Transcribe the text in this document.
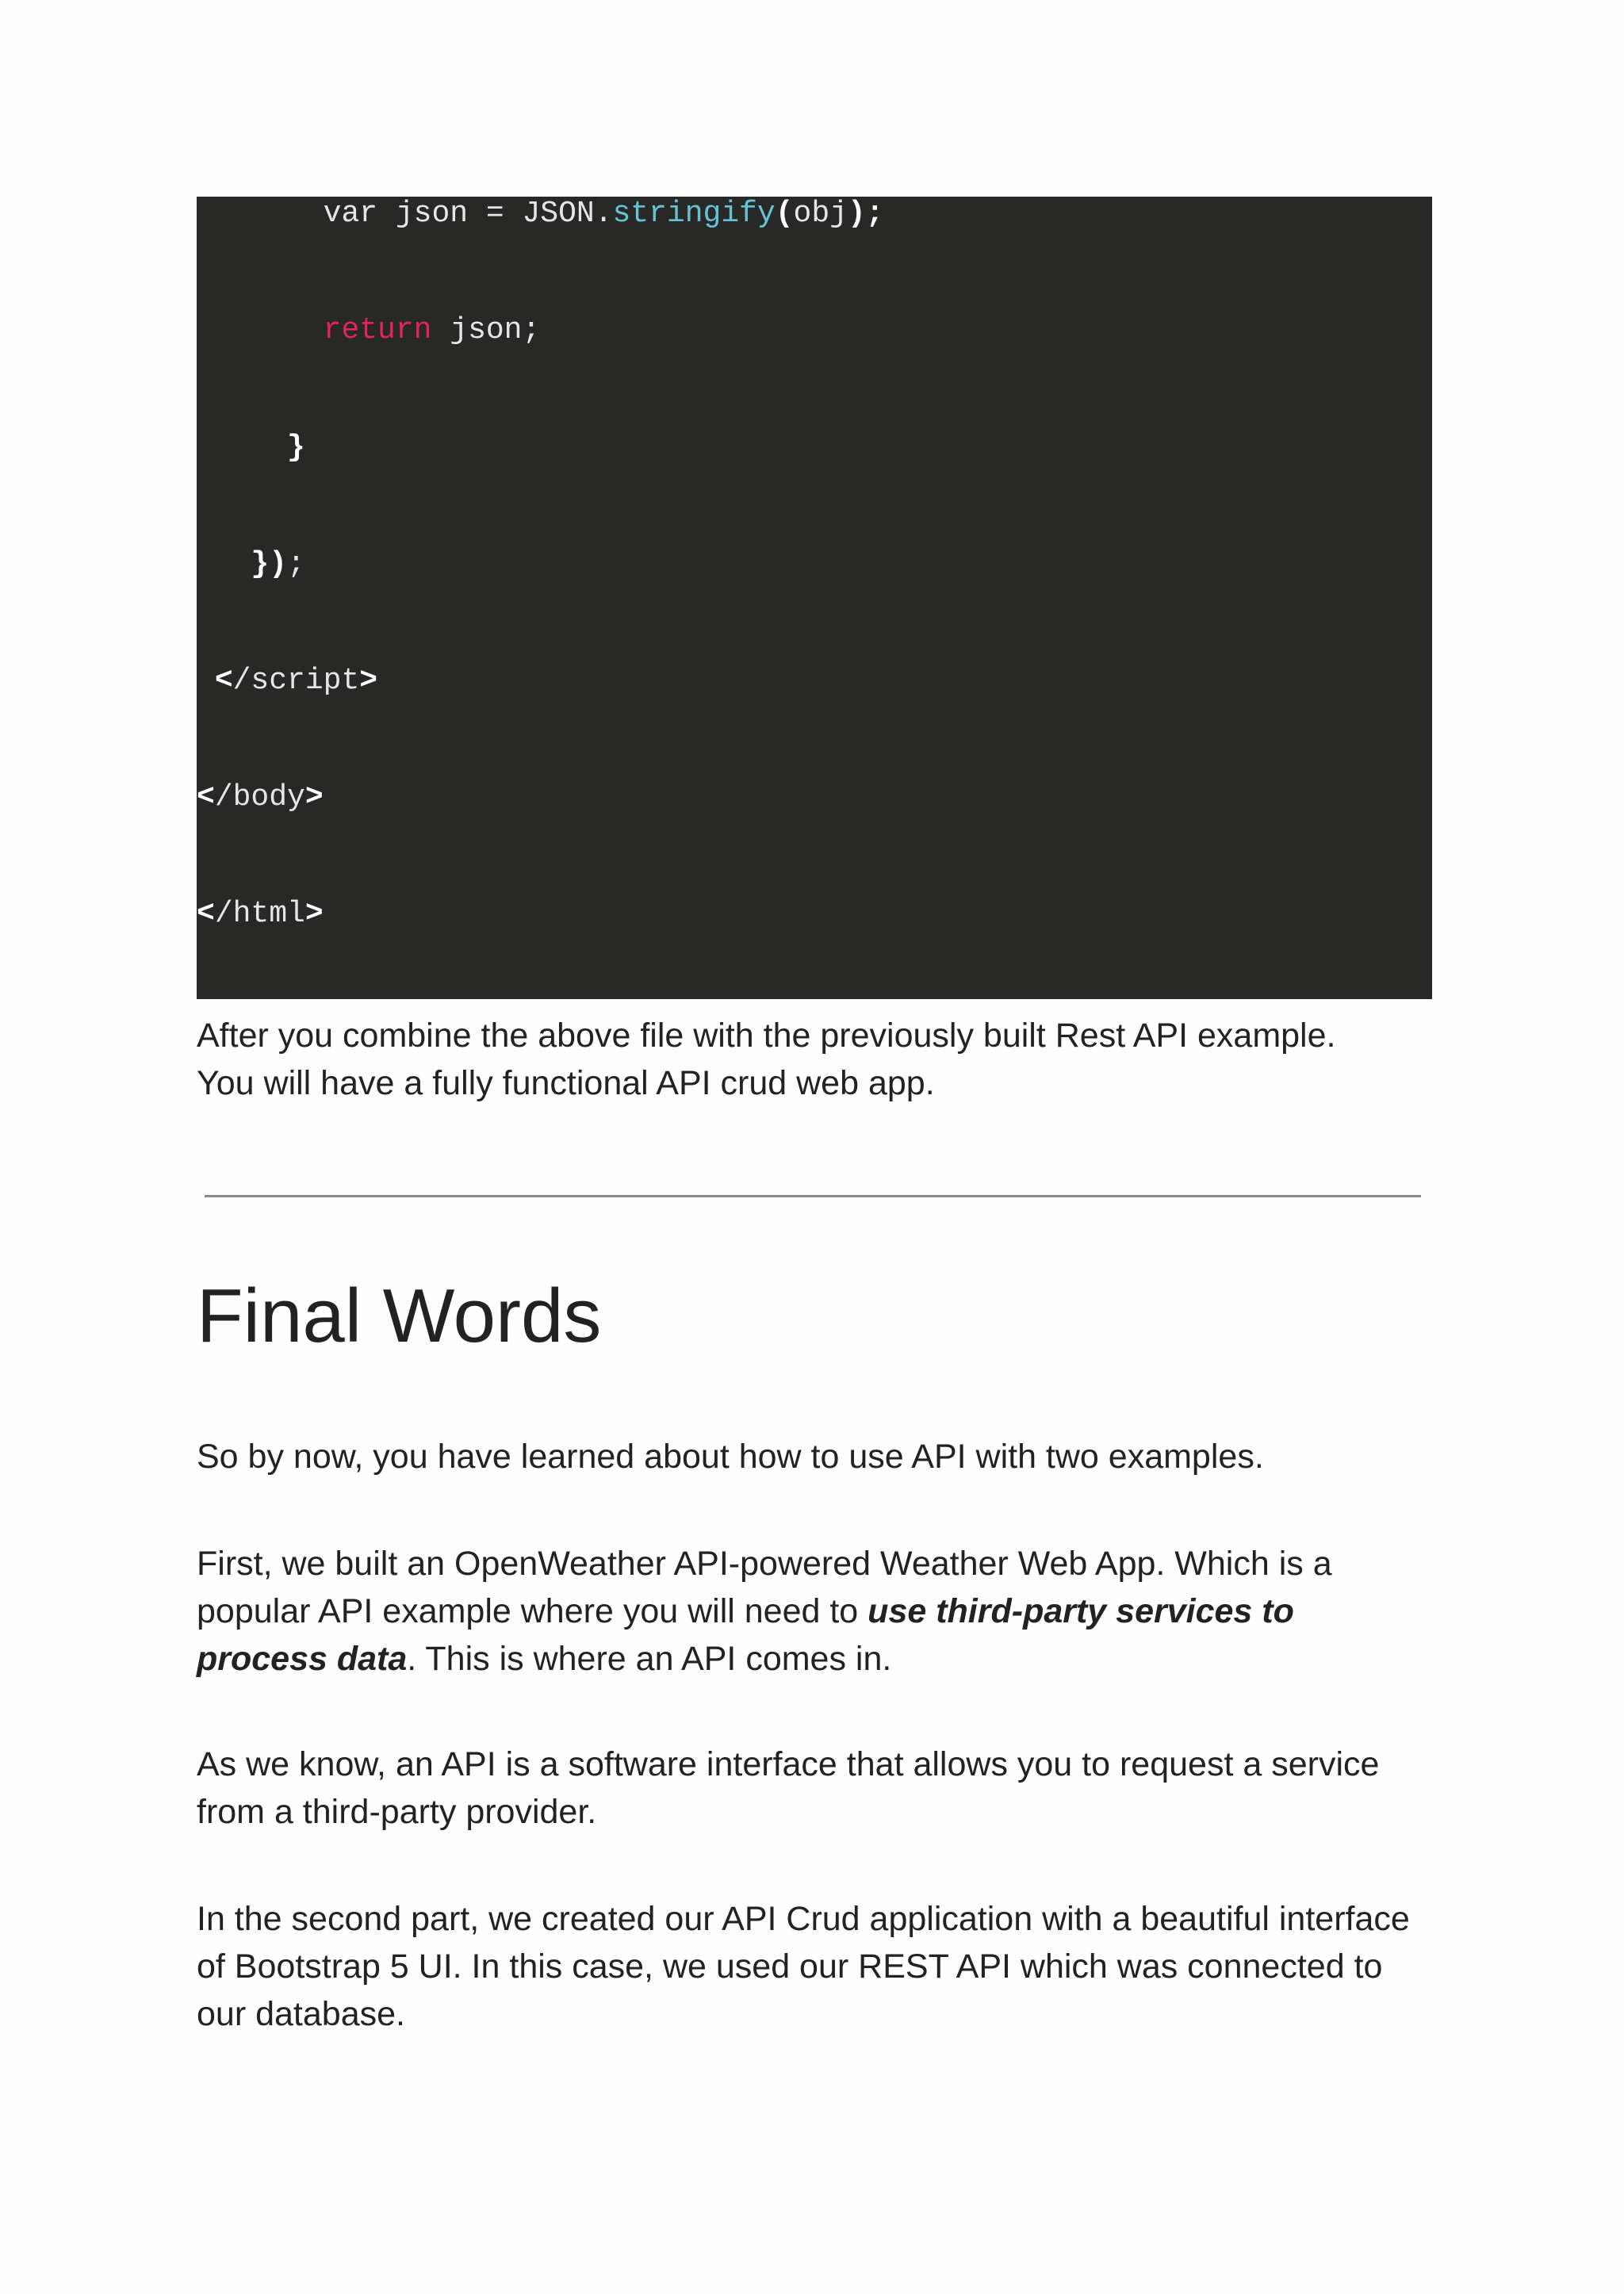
var json = JSON.stringify(obj);
return json;
}
});
</script>
</body>
</html>

After you combine the above file with the previously built Rest API example.
You will have a fully functional API crud web app.

Final Words

So by now, you have learned about how to use API with two examples.

First, we built an OpenWeather API-powered Weather Web App. Which is a popular API example where you will need to use third-party services to process data. This is where an API comes in.

As we know, an API is a software interface that allows you to request a service from a third-party provider.

In the second part, we created our API Crud application with a beautiful interface of Bootstrap 5 UI. In this case, we used our REST API which was connected to our database.
